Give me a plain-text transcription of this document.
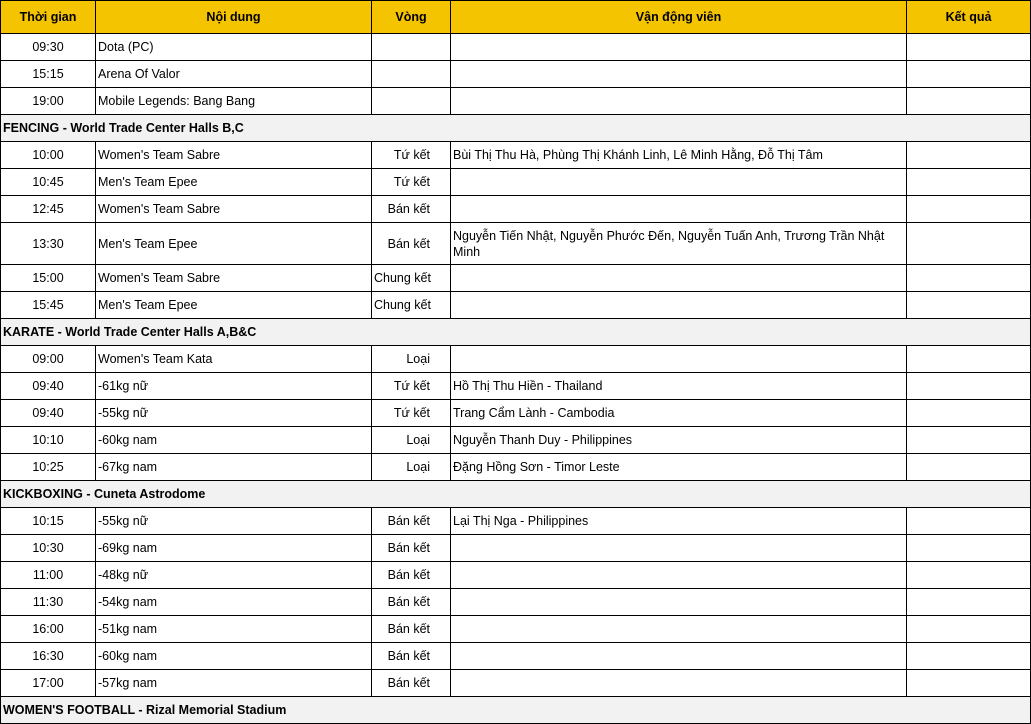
Thời gian	Nội dung	Vòng	Vận động viên	Kết quả
09:30	Dota (PC)			
15:15	Arena Of Valor			
19:00	Mobile Legends: Bang Bang			
FENCING - World Trade Center Halls B,C				
10:00	Women's Team Sabre	Tứ kết	Bùi Thị Thu Hà, Phùng Thị Khánh Linh, Lê Minh Hằng, Đỗ Thị Tâm	
10:45	Men's Team Epee	Tứ kết		
12:45	Women's Team Sabre	Bán kết		
13:30	Men's Team Epee	Bán kết	Nguyễn Tiến Nhật, Nguyễn Phước Đến, Nguyễn Tuấn Anh, Trương Trần Nhật Minh	
15:00	Women's Team Sabre	Chung kết		
15:45	Men's Team Epee	Chung kết		
KARATE - World Trade Center Halls A,B&C				
09:00	Women's Team Kata	Loại		
09:40	-61kg nữ	Tứ kết	Hồ Thị Thu Hiền - Thailand	
09:40	-55kg nữ	Tứ kết	Trang Cẩm Lành - Cambodia	
10:10	-60kg nam	Loại	Nguyễn Thanh Duy - Philippines	
10:25	-67kg nam	Loại	Đặng Hồng Sơn - Timor Leste	
KICKBOXING - Cuneta Astrodome				
10:15	-55kg nữ	Bán kết	Lại Thị Nga - Philippines	
10:30	-69kg nam	Bán kết		
11:00	-48kg nữ	Bán kết		
11:30	-54kg nam	Bán kết		
16:00	-51kg nam	Bán kết		
16:30	-60kg nam	Bán kết		
17:00	-57kg nam	Bán kết		
WOMEN'S FOOTBALL - Rizal Memorial Stadium				
